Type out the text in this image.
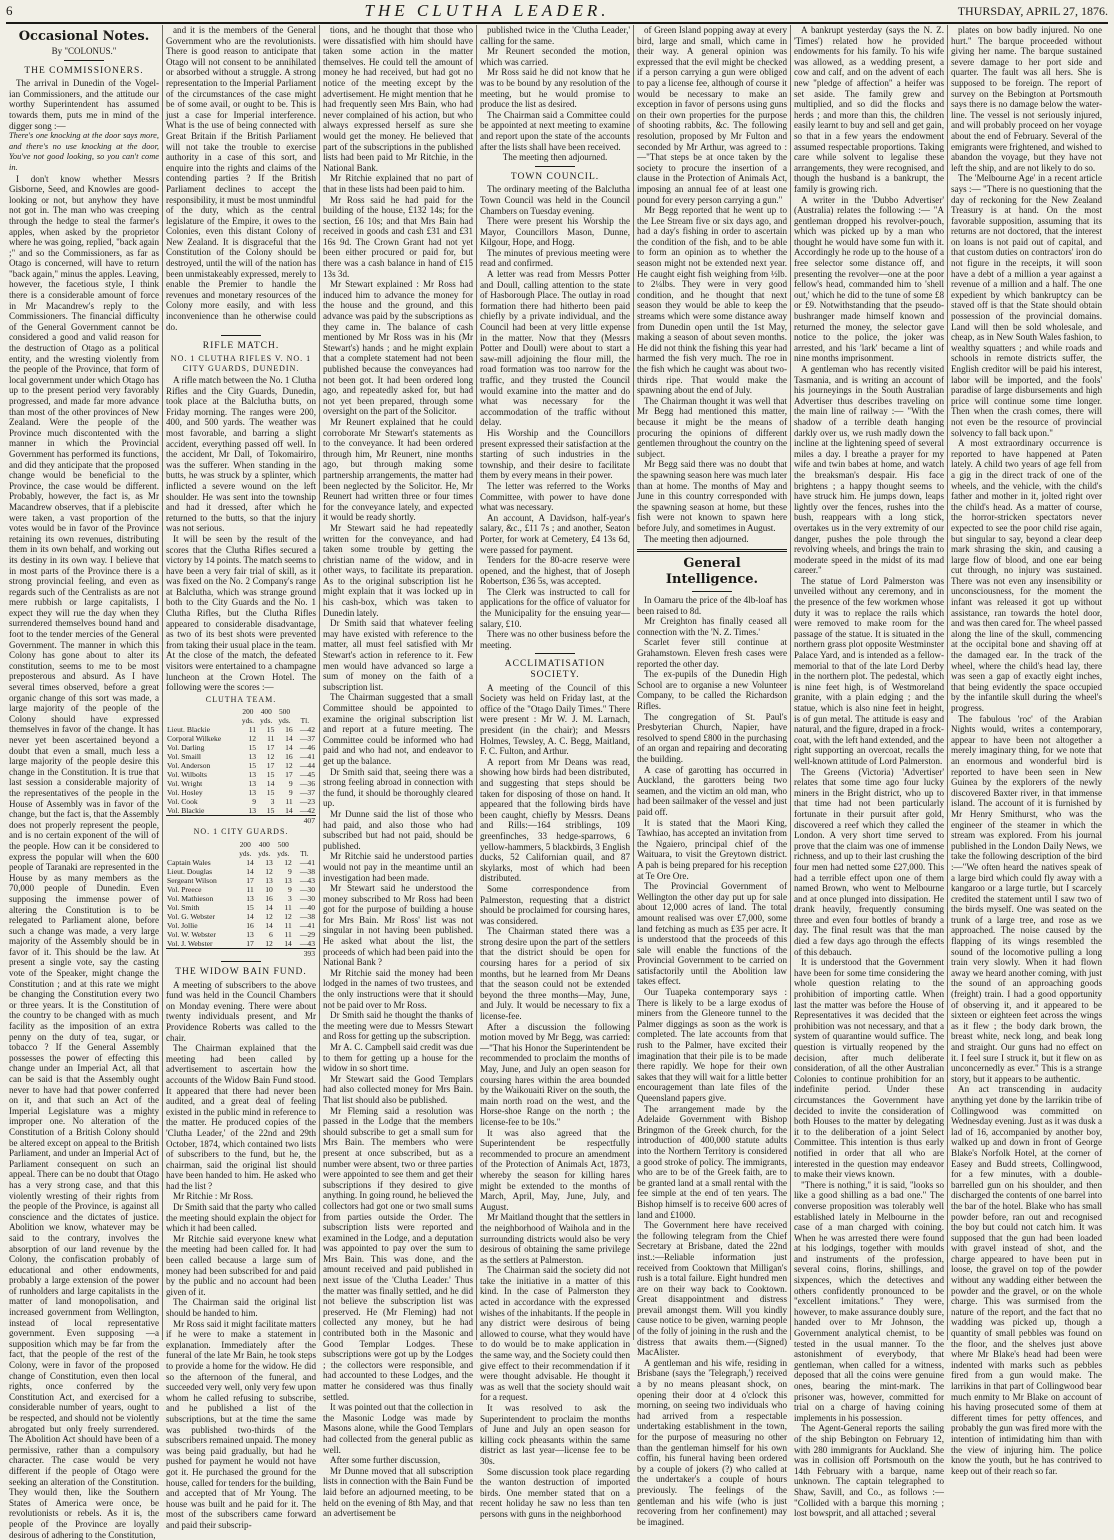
6	THE CLUTHA LEADER.	THURSDAY, APRIL 27, 1876.
Occasional Notes.
By "COLONUS."
THE COMMISSIONERS.

The arrival in Dunedin of the Vogel-ian Commissioners, and the attitude our worthy Superintendent has assumed towards them, puts me in mind of the digger song :—

There's one knocking at the door says more, and there's no use knocking at the door, You've not good looking, so you can't come in.

I don't know whether Messrs Gisborne, Seed, and Knowles are good-looking or not, but anyhow they have not got in. The man who was creeping through the hedge to steal the farmer's apples, when asked by the proprietor where he was going, replied, "back again ;" and so the Commissioners, as far as Otago is concerned, will have to return "back again," minus the apples. Leaving, however, the facetious style, I think there is a considerable amount of force in Mr Macandrew's reply to the Commissioners. The financial difficulty of the General Government cannot be considered a good and valid reason for the destruction of Otago as a political entity, and the wresting violently from the people of the Province, that form of local government under which Otago has up to the present period very favorably progressed, and made far more advance than most of the other provinces of New Zealand. Were the people of the Province much discontented with the manner in which the Provincial Government has performed its functions, and did they anticipate that the proposed change would be beneficial to the Province, the case would be different. Probably, however, the fact is, as Mr Macandrew observes, that if a plebiscite were taken, a vast proportion of the votes would be in favor of the Province retaining its own revenues, distributing them in its own behalf, and working out its destiny in its own way. I believe that in most parts of the Province there is a strong provincial feeling, and even as regards such of the Centralists as are not mere rubbish or large capitalists, I expect they will rue the day when they surrendered themselves bound hand and foot to the tender mercies of the General Government. The manner in which this Colony has gone about to alter its constitution, seems to me to be most preposterous and absurd. As I have several times observed, before a great organic change of this sort was made, a large majority of the people of the Colony should have expressed themselves in favor of the change. It has never yet been ascertained beyond a doubt that even a small, much less a large majority of the people desire this change in the Constitution. It is true that last session a considerable majority of the representatives of the people in the House of Assembly was in favor of the change, but the fact is, that the Assembly does not properly represent the people, and is no certain exponent of the will of the people. How can it be considered to express the popular will when the 600 people of Taranaki are represented in the House by as many members as the 70,000 people of Dunedin. Even supposing the immense power of altering the Constitution is to be relegated to Parliament alone, before such a change was made, a very large majority of the Assembly should be in favor of it. This should be the law. At present a single vote, say the casting vote of the Speaker, might change the Constitution ; and at this rate we might be changing the Constitution every two or three years. It is the Constitution of the country to be changed with as much facility as the imposition of an extra penny on the duty of tea, sugar, or tobacco ? If the General Assembly possesses the power of effecting this change under an Imperial Act, all that can be said is that the Assembly ought never to have had that power conferred on it, and that such an Act of the Imperial Legislature was a mighty improper one. No alteration of the Constitution of a British Colony should be altered except on appeal to the British Parliament, and under an Imperial Act of Parliament consequent on such an appeal. There can be no doubt that Otago has a very strong case, and that this violently wresting of their rights from the people of the Province, is against all conscience and the dictates of justice. Abolition we know, whatever may be said to the contrary, involves the absorption of our land revenue by the Colony, the confiscation probably of educational and other endowments, probably a large extension of the power of runholders and large capitalists in the matter of land monopolisation, and increased government from Wellington, instead of local representative government. Even supposing —a supposition which may be far from the fact, that the people of the rest of the Colony, were in favor of the proposed change of Constitution, even then local rights, once conferred by the Constitution Act, and exercised for a considerable number of years, ought to be respected, and should not be violently abrogated but only freely surrendered. The Abolition Act should have been of a permissive, rather than a compulsory character. The case would be very different if the people of Otago were seeking an alteration of the Constitution. They would then, like the Southern States of America were once, be revolutionists or rebels. As it is, the people of the Province are loyally desirous of adhering to the Constitution,

and it is the members of the General Government who are the revolutionists. There is good reason to anticipate that Otago will not consent to be annihilated or absorbed without a struggle. A strong representation to the Imperial Parliament of the circumstances of the case might be of some avail, or ought to be. This is just a case for Imperial interference. What is the use of being connected with Great Britain if the British Parliament will not take the trouble to exercise authority in a case of this sort, and enquire into the rights and claims of the contending parties ? If the British Parliament declines to accept the responsibility, it must be most unmindful of the duty, which as the central legislature of the Empire, it owes to the Colonies, even this distant Colony of New Zealand. It is disgraceful that the Constitution of the Colony should be destroyed, until the will of the nation has been unmistakeably expressed, merely to enable the Premier to handle the revenues and monetary resources of the Colony more easily, and with less inconvenience than he otherwise could do.

RIFLE MATCH.
NO. 1 CLUTHA RIFLES V. NO. 1 CITY GUARDS, DUNEDIN.

A rifle match between the No. 1 Clutha Rifles and the City Guards, Dunedin, took place at the Balclutha butts, on Friday morning. The ranges were 200, 400, and 500 yards. The weather was most favorable, and barring a slight accident, everything passed off well. In the accident, Mr Dall, of Tokomairiro, was the sufferer. When standing in the butts, he was struck by a splinter, which inflicted a severe wound on the left shoulder. He was sent into the township and had it dressed, after which he returned to the butts, so that the injury was not serious.

It will be seen by the result of the scores that the Clutha Rifles secured a victory by 14 points. The match seems to have been a very fair trial of skill, as it was fixed on the No. 2 Company's range at Balclutha, which was strange ground both to the City Guards and the No. 1 Clutha Rifles, but the Clutha Rifles appeared to considerable disadvantage, as two of its best shots were prevented from taking their usual place in the team. At the close of the match, the defeated visitors were entertained to a champagne luncheon at the Crown Hotel. The following were the scores :—

CLUTHA TEAM.
	200	400	500	
	yds.	yds.	yds.	Tl.
Lieut. Blackie	11	15	16	—42
Corporal Wilkeke	12	11	14	—37
Vol. Darling	15	17	14	—46
Vol. Smaill	13	12	16	—41
Vol. Anderson	15	17	12	—44
Vol. Wilbolts	13	15	17	—45
Vol. Wright	13	14	9	—36
Vol. Hosley	13	15	9	—37
Vol. Cook	9	3	11	—23
Vol. Blackie	13	15	14	—42
				407
NO. 1 CITY GUARDS.
	200	400	500	
	yds.	yds.	yds.	Tl.
Captain Wales	14	13	12	—41
Lieut. Douglas	14	12	9	—38
Sergeant Wilson	17	13	13	—43
Vol. Preece	11	10	9	—30
Vol. Mathieson	13	16	3	—30
Vol. Smith	15	14	11	—40
Vol. G. Webster	14	12	12	—38
Vol. Jollie	16	14	11	—41
Vol. W. Webster	13	6	11	—29
Vol. J. Webster	17	12	14	—43
				393
THE WIDOW BAIN FUND.

A meeting of subscribers to the above fund was held in the Council Chambers on Monday evening. There were about twenty individuals present, and Mr Providence Roberts was called to the chair.

The Chairman explained that the meeting had been called by advertisement to ascertain how the accounts of the Widow Bain Fund stood. It appeared that there had never been audited, and a great deal of feeling existed in the public mind in reference to the matter. He produced copies of the 'Clutha Leader,' of the 22nd and 29th October, 1874, which contained two lists of subscribers to the fund, but he, the chairman, said the original list should have been handed to him. He asked who had the list ?

Mr Ritchie : Mr Ross.

Dr Smith said that the party who called the meeting should explain the object for which it had been called.

Mr Ritchie said everyone knew what the meeting had been called for. It had been called because a large sum of money had been subscribed for and paid by the public and no account had been given of it.

The Chairman said the original list should be handed to him.

Mr Ross said it might facilitate matters if he were to make a statement in explanation. Immediately after the funeral of the late Mr Bain, he took steps to provide a home for the widow. He did so the afternoon of the funeral, and succeeded very well, only very few upon whom he called refusing to subscribe, and he published a list of the subscriptions, but at the time the same was published two-thirds of the subscribers remained unpaid. The money was being paid gradually, but had he pushed for payment he would not have got it. He purchased the ground for the house, called for tenders for the building, and accepted that of Mr Young. The house was built and he paid for it. The most of the subscribers came forward and paid their subscrip-

tions, and he thought that those who were dissatisfied with him should have taken some action in the matter themselves. He could tell the amount of money he had received, but had got no notice of the meeting except by the advertisement. He might mention that he had frequently seen Mrs Bain, who had never complained of his action, but who always expressed herself as sure she would get the money. He believed that part of the subscriptions in the published lists had been paid to Mr Ritchie, in the National Bank.

Mr Ritchie explained that no part of that in these lists had been paid to him.

Mr Ross said he had paid for the building of the house, £132 14s; for the section, £6 10s; and that Mrs Bain had received in goods and cash £31 and £31 16s 9d. The Crown Grant had not yet been either procured or paid for, but there was a cash balance in hand of £15 13s 3d.

Mr Stewart explained : Mr Ross had induced him to advance the money for the house and the ground, and this advance was paid by the subscriptions as they came in. The balance of cash mentioned by Mr Ross was in his (Mr Stewart's) hands ; and he might explain that a complete statement had not been published because the conveyances had not been got. It had been ordered long ago, and repeatedly asked for, but had not yet been prepared, through some oversight on the part of the Solicitor.

Mr Reunert explained that he could corroborate Mr Stewart's statements as to the conveyance. It had been ordered through him, Mr Reunert, nine months ago, but through making some partnership arrangements, the matter had been neglected by the Solicitor. He, Mr Reunert had written three or four times for the conveyance lately, and expected it would be ready shortly.

Mr Stewart said he had repeatedly written for the conveyance, and had taken some trouble by getting the christian name of the widow, and in other ways, to facilitate its preparation. As to the original subscription list he might explain that it was locked up in his cash-box, which was taken to Dunedin lately.

Dr Smith said that whatever feeling may have existed with reference to the matter, all must feel satisfied with Mr Stewart's action in reference to it. Few men would have advanced so large a sum of money on the faith of a subscription list.

The Chairman suggested that a small Committee should be appointed to examine the original subscription list and report at a future meeting. The Committee could be informed who had paid and who had not, and endeavor to get up the balance.

Dr Smith said that, seeing there was a strong feeling abroad in connection with the fund, it should be thoroughly cleared up.

Mr Dunne said the list of those who had paid, and also those who had subscribed but had not paid, should be published.

Mr Ritchie said he understood parties would not pay in the meantime until an investigation had been made.

Mr Stewart said he understood the money subscribed to Mr Ross had been got for the purpose of building a house for Mrs Bain. Mr Ross' list was not singular in not having been published. He asked what about the list, the proceeds of which had been paid into the National Bank ?

Mr Ritchie said the money had been lodged in the names of two trustees, and the only instructions were that it should not be paid over to Mr Ross.

Dr Smith said he thought the thanks of the meeting were due to Messrs Stewart and Ross for getting up the subscription.

Mr A. C. Campbell said credit was due to them for getting up a house for the widow in so short time.

Mr Stewart said the Good Templars had also collected money for Mrs Bain. That list should also be published.

Mr Fleming said a resolution was passed in the Lodge that the members should subscribe to get a small sum for Mrs Bain. The members who were present at once subscribed, but as a number were absent, two or three parties were appointed to see them and get their subscriptions if they desired to give anything. In going round, he believed the collectors had got one or two small sums from parties outside the Order. The subscription lists were reported and examined in the Lodge, and a deputation was appointed to pay over the sum to Mrs Bain. This was done, and the amount received and paid published in next issue of the 'Clutha Leader.' Thus the matter was finally settled, and he did not believe the subscription list was preserved. He (Mr Fleming) had not collected any money, but he had contributed both in the Masonic and Good Templar Lodges. These subscriptions were got up by the Lodges ; the collectors were responsible, and had accounted to these Lodges, and the matter he considered was thus finally settled.

It was pointed out that the collection in the Masonic Lodge was made by Masons alone, while the Good Templars had collected from the general public as well.

After some further discussion,

Mr Dunne moved that all subscription lists in connection with the Bain Fund be laid before an adjourned meeting, to be held on the evening of 8th May, and that an advertisement be

published twice in the 'Clutha Leader,' calling for the same.

Mr Reunert seconded the motion, which was carried.

Mr Ross said he did not know that he was to be bound by any resolution of the meeting, but he would promise to produce the list as desired.

The Chairman said a Committee could be appointed at next meeting to examine and report upon the state of the accounts after the lists shall have been received.

The meeting then adjourned.

TOWN COUNCIL.

The ordinary meeting of the Balclutha Town Council was held in the Council Chambers on Tuesday evening.

There were present his Worship the Mayor, Councillors Mason, Dunne, Kilgour, Hope, and Hogg.

The minutes of previous meeting were read and confirmed.

A letter was read from Messrs Potter and Doull, calling attention to the state of Hasborough Place. The outlay in road formation there had hitherto been paid chiefly by a private individual, and the Council had been at very little expense in the matter. Now that they (Messrs Potter and Doull) were about to start a saw-mill adjoining the flour mill, the road formation was too narrow for the traffic, and they trusted the Council would examine into the matter and do what was necessary for the accommodation of the traffic without delay.

His Worship and the Councillors present expressed their satisfaction at the starting of such industries in the township, and their desire to facilitate them by every means in their power.

The letter was referred to the Works Committee, with power to have done what was necessary.

An account, A Davidson, half-year's salary, &c., £11 7s ; and another, Seaton Porter, for work at Cemetery, £4 13s 6d, were passed for payment.

Tenders for the 80-acre reserve were opened, and the highest, that of Joseph Robertson, £36 5s, was accepted.

The Clerk was instructed to call for applications for the office of valuator for the Municipality for the ensuing year—salary, £10.

There was no other business before the meeting.

ACCLIMATISATION SOCIETY.

A meeting of the Council of this Society was held on Friday last, at the office of the "Otago Daily Times." There were present : Mr W. J. M. Larnach, president (in the chair); and Messrs Holmes, Tewsley, A. C. Begg, Maitland, F. C. Fulton, and Arthur.

A report from Mr Deans was read, showing how birds had been distributed, and suggesting that steps should be taken for disposing of those on hand. It appeared that the following birds have been caught, chiefly by Messrs. Deans and Rills:—164 striblings, 109 greenfinches, 33 hedge-sparrows, 6 yellow-hammers, 5 blackbirds, 3 English ducks, 52 Californian quail, and 87 skylarks, most of which had been distributed.

Some correspondence from Palmerston, requesting that a district should be proclaimed for coursing hares, was considered.

The Chairman stated there was a strong desire upon the part of the settlers that the district should be open for coursing hares for a period of six months, but he learned from Mr Deans that the season could not be extended beyond the three months—May, June, and July. It would be necessary to fix a license-fee.

After a discussion the following motion moved by Mr Begg, was carried:—"That his Honor the Superintendent be recommended to proclaim the months of May, June, and July an open season for coursing hares within the area bounded by the Waikouaiti River on the south, the main north road on the west, and the Horse-shoe Range on the north ; the license-fee to be 10s."

It was also agreed that the Superintendent be respectfully recommended to procure an amendment of the Protection of Animals Act, 1873, whereby the season for killing hares might be extended to the months of March, April, May, June, July, and August.

Mr Maitland thought that the settlers in the neighborhood of Waihola and in the surrounding districts would also be very desirous of obtaining the same privilege as the settlers at Palmerston.

The Chairman said the society did not take the initiative in a matter of this kind. In the case of Palmerston they acted in accordance with the expressed wishes of the inhabitants. If the people in any district were desirous of being allowed to course, what they would have to do would be to make application in the same way, and the Society could then give effect to their recommendation if it were thought advisable. He thought it was as well that the society should wait for a request.

It was resolved to ask the Superintendent to proclaim the months of June and July an open season for killing cock pheasants within the same district as last year—license fee to be 30s.

Some discussion took place regarding the wanton destruction of imported birds. One member stated that on a recent holiday he saw no less than ten persons with guns in the neighborhood

of Green Island popping away at every bird, large and small, which came in their way. A general opinion was expressed that the evil might be checked if a person carrying a gun were obliged to pay a license fee, although of course it would be necessary to make an exception in favor of persons using guns on their own properties for the purpose of shooting rabbits, &c. The following resolution, proposed by Mr Fulton and seconded by Mr Arthur, was agreed to :—"That steps be at once taken by the society to procure the insertion of a clause in the Protection of Animals Act, imposing an annual fee of at least one pound for every person carrying a gun."

Mr Begg reported that he went up to the Lee Stream five or six days ago, and had a day's fishing in order to ascertain the condition of the fish, and to be able to form an opinion as to whether the season might not be extended next year. He caught eight fish weighing from ½lb. to 2¼lbs. They were in very good condition, and he thought that next season they would be able to keep the streams which were some distance away from Dunedin open until the 1st May, making a season of about seven months. He did not think the fishing this year had harmed the fish very much. The roe in the fish which he caught was about two-thirds ripe. That would make the spawning about the end of July.

The Chairman thought it was well that Mr Begg had mentioned this matter, because it might be the means of procuring the opinions of different gentlemen throughout the country on the subject.

Mr Begg said there was no doubt that the spawning season here was much later than at home. The months of May and June in this country corresponded with the spawning season at home, but these fish were not known to spawn here before July, and sometimes in August.

The meeting then adjourned.

General Intelligence.

In Oamaru the price of the 4lb-loaf has been raised to 8d.

Mr Creighton has finally ceased all connection with the 'N. Z. Times.'

Scarlet fever still continue at Grahamstown. Eleven fresh cases were reported the other day.

The ex-pupils of the Dunedin High School are to organise a new Volunteer Company, to be called the Richardson Rifles.

The congregation of St. Paul's Presbyterian Church, Napier, have resolved to spend £800 in the purchasing of an organ and repairing and decorating the building.

A case of garotting has occurred in Auckland, the garotters being two seamen, and the victim an old man, who had been sailmaker of the vessel and just paid off.

It is stated that the Maori King, Tawhiao, has accepted an invitation from the Ngaiero, principal chief of the Waituara, to visit the Greytown district. A pah is being prepared for his reception at Te Ore Ore.

The Provincial Government of Wellington the other day put up for sale about 12,000 acres of land. The total amount realised was over £7,000, some land fetching as much as £35 per acre. It is understood that the proceeds of this sale will enable the functions of the Provincial Government to be carried on satisfactorily until the Abolition law takes effect.

Our Tuapeka contemporary says : There is likely to be a large exodus of miners from the Gleneore tunnel to the Palmer diggings as soon as the work is completed. The late accounts from that rush to the Palmer, have excited their imagination that their pile is to be made there rapidly. We hope for their own sakes that they will wait for a little better encouragement than late files of the Queensland papers give.

The arrangement made by the Adelaide Government with Bishop Bringmon of the Greek church, for the introduction of 400,000 statute adults into the Northern Territory is considered a good stroke of policy. The immigrants, who are to be of the Greek faith, are to be granted land at a small rental with the fee simple at the end of ten years. The Bishop himself is to receive 600 acres of land and £1000.

The Government here have received the following telegram from the Chief Secretary at Brisbane, dated the 22nd inst.:—Reliable information just received from Cooktown that Milligan's rush is a total failure. Eight hundred men are on their way back to Cooktown. Great disappointment and distress prevail amongst them. Will you kindly cause notice to be given, warning people of the folly of joining in the rush and the distress that awaits them.—(Signed) MacAlister.

A gentleman and his wife, residing in Brisbane (says the 'Telegraph,') received a by no means pleasant shock, on opening their door at 4 o'clock this morning, on seeing two individuals who had arrived from a respectable undertaking establishment in the town, for the purpose of measuring no other than the gentleman himself for his own coffin, his funeral having been ordered by a couple of jokers (?) who called at the undertaker's a couple of hours previously. The feelings of the gentleman and his wife (who is just recovering from her confinement) may be imagined.

A bankrupt yesterday (says the N. Z. 'Times') related how he provided endowments for his family. To his wife was allowed, as a wedding present, a cow and calf, and on the advent of each new "pledge of affection" a heifer was set aside. The family grew and multiplied, and so did the flocks and herds ; and more than this, the children easily learnt to buy and sell and get gain, so that in a few years the endowment assumed respectable proportions. Taking care while solvent to legalise these arrangements, they were recognised, and though the husband is a bankrupt, the family is growing rich.

A writer in the 'Dubbo Advertiser' (Australia) relates the following :— "A gentleman dropped his revolver-pouch, which was picked up by a man who thought he would have some fun with it. Accordingly he rode up to the house of a free selector some distance off, and presenting the revolver—one at the poor fellow's head, commanded him to 'shell out,' which he did to the tune of some £8 or £9. Notwithstanding that the pseudo-bushranger made himself known and returned the money, the selector gave notice to the police, the joker was arrested, and his 'lark' became a lint of nine months imprisonment.

A gentleman who has recently visited Tasmania, and is writing an account of his journeyings in the South Australian Advertiser thus describes traveling on the main line of railway :— "With the shadow of a terrible death hanging darkly over us, we rush madly down the incline at the lightening speed of several miles a day. I breathe a prayer for my wife and twin babes at home, and watch the breaksman's despair. His face brightens ; a happy thought seems to have struck him. He jumps down, leaps lightly over the fences, rushes into the bush, reappears with a long stick, overtakes us in the very extremity of our danger, pushes the pole through the revolving wheels, and brings the train to moderate speed in the midst of its mad career."

The statue of Lord Palmerston was unveiled without any ceremony, and in the presence of the few workmen whose duty it was to replace the rails which were removed to make room for the passage of the statue. It is situated in the northern grass plot opposite Westminster Palace Yard, and is intended as a fellow-memorial to that of the late Lord Derby in the northern plot. The pedestal, which is nine feet high, is of Westmoreland granite, with a plain edging ; and the statue, which is also nine feet in height, is of gun metal. The attitude is easy and natural, and the figure, draped in a frock-coat, with the left hand extended, and the right supporting an overcoat, recalls the well-known attitude of Lord Palmerston.

The Greens (Victoria) 'Advertiser' relates that some time ago four lucky miners in the Bright district, who up to that time had not been particularly fortunate in their pursuit after gold, discovered a reef which they called the London. A very short time served to prove that the claim was one of immense richness, and up to their last crushing the four men had netted some £27,000. This had a terrible effect upon one of them named Brown, who went to Melbourne and at once plunged into dissipation. He drank heavily, frequently consuming three and even four bottles of brandy a day. The final result was that the man died a few days ago through the effects of this debauch.

It is understood that the Government have been for some time considering the whole question relating to the prohibition of importing cattle. When last the matter was before the House of Representatives it was decided that the prohibition was not necessary, and that a system of quarantine would suffice. The question is virtually reopened by the decision, after much deliberate consideration, of all the other Australian Colonies to continue prohibition for an indefinite period. Under these circumstances the Government have decided to invite the consideration of both Houses to the matter by delegating it to the deliberation of a joint Select Committee. This intention is thus early notified in order that all who are interested in the question may endeavor to make their views known.

"There is nothing," it is said, "looks so like a good shilling as a bad one." The converse proposition was tolerably well established lately in Melbourne in the case of a man charged with coining. When he was arrested there were found at his lodgings, together with moulds and instruments of the profession, several coins, florins, shillings, and sixpences, which the detectives and others confidently pronounced to be "excellent imitations." They were, however, to make assurance doubly sure, handed over to Mr Johnson, the Government analytical chemist, to be tested in the usual manner. To the astonishment of everybody, that gentleman, when called for a witness, deposed that all the coins were genuine ones, bearing the mint-mark. The prisoner was, however, committed for trial on a charge of having coining implements in his possession.

The Agent-General reports the sailing of the ship Bebington on February 12, with 280 immigrants for Auckland. She was in collision off Portsmouth on the 14th February with a barque, name unknown. The captain telegraphed to Shaw, Savill, and Co., as follows :— "Collided with a barque this morning ; lost bowsprit, and all attached ; several

plates on bow badly injured. No one hurt." The barque proceeded without giving her name. The barque sustained severe damage to her port side and quarter. The fault was all hers. She is supposed to be foreign. The report of survey on the Bebington at Portsmouth says there is no damage below the water-line. The vessel is not seriously injured, and will probably proceed on her voyage about the end of February. Several of the emigrants were frightened, and wished to abandon the voyage, but they have not left the ship, and are not likely to do so.

The 'Melbourne Age' in a recent article says :— "There is no questioning that the day of reckoning for the New Zealand Treasury is at hand. On the most favorable supposition, assuming that its returns are not doctored, that the interest on loans is not paid out of capital, and that custom duties on contractors' iron do not figure in the receipts, it will soon have a debt of a million a year against a revenue of a million and a half. The one expedient by which bankruptcy can be staved off is that the State should obtain possession of the provincial domains. Land will then be sold wholesale, and cheap, as in New South Wales fashion, to wealthy squatters ; and while roads and schools in remote districts suffer, the English creditor will be paid his interest, labor will be imported, and the fools' paradise of large disbursements and high price will continue some time longer. Then when the crash comes, there will not even be the resource of provincial solvency to fall back upon."

A most extraordinary occurrence is reported to have happened at Paten lately. A child two years of age fell from a gig in the direct track of one of the wheels, and the vehicle, with the child's father and mother in it, jolted right over the child's head. As a matter of course, the horror-stricken spectators never expected to see the poor child rise again, but singular to say, beyond a clear deep mark shrasing the skin, and causing a large flow of blood, and one ear being cut through, no injury was sustained. There was not even any insensibility or unconsciousness, for the moment the infant was released it got up without assistance, ran towards the hotel door, and was then cared for. The wheel passed along the line of the skull, commencing at the occipital bone and shaving off at the damaged ear. In the track of the wheel, where the child's head lay, there was seen a gap of exactly eight inches, that being evidently the space occupied by the infantile skull during the wheel's progress.

The fabulous 'roc' of the Arabian Nights would, writes a contemporary, appear to have been not altogether a merely imaginary thing, for we note that an enormous and wonderful bird is reported to have been seen in New Guinea by the explorers of the newly discovered Baxter river, in that immense island. The account of it is furnished by Mr Henry Smithurst, who was the engineer of the steamer in which the stream was explored. From his journal published in the London Daily News, we take the following description of the bird :—"We often heard the natives speak of a large bird which could fly away with a kangaroo or a large turtle, but I scarcely credited the statement until I saw two of the birds myself. One was seated on the trunk of a large tree, and rose as we approached. The noise caused by the flapping of its wings resembled the sound of the locomotive pulling a long train very slowly. When it had flown away we heard another coming, with just the sound of an approaching goods (freight) train. I had a good opportunity of observing it, and it appeared to be sixteen or eighteen feet across the wings as it flew ; the body dark brown, the breast white, neck long, and beak long and straight. Our guns had no effect on it. I feel sure I struck it, but it flew on as unconcernedly as ever." This is a strange story, but it appears to be authentic.

An act transcending in audacity anything yet done by the larrikin tribe of Collingwood was committed on Wednesday evening. Just as it was dusk a lad of 16, accompanied by another boy, walked up and down in front of George Blake's Norfolk Hotel, at the corner of Easey and Budd streets, Collingwood, for a few minutes, with a double-barrelled gun on his shoulder, and then discharged the contents of one barrel into the bar of the hotel. Blake who has small powder before, ran out and recognised the boy but could not catch him. It was supposed that the gun had been loaded with gravel instead of shot, and the charge appeared to have been put in loose, the gravel on top of the powder without any wadding either between the powder and the gravel, or on the whole charge. This was surmised from the nature of the report, and the fact that no wadding was picked up, though a quantity of small pebbles was found on the floor, and the shelves just above where Mr Blake's head had been were indented with marks such as pebbles fired from a gun would make. The larrikins in that part of Collingwood bear much enmity to Mr Blake on account of his having prosecuted some of them at different times for petty offences, and probably the gun was fired more with the intention of intimidating him than with the view of injuring him. The police know the youth, but he has contrived to keep out of their reach so far.
